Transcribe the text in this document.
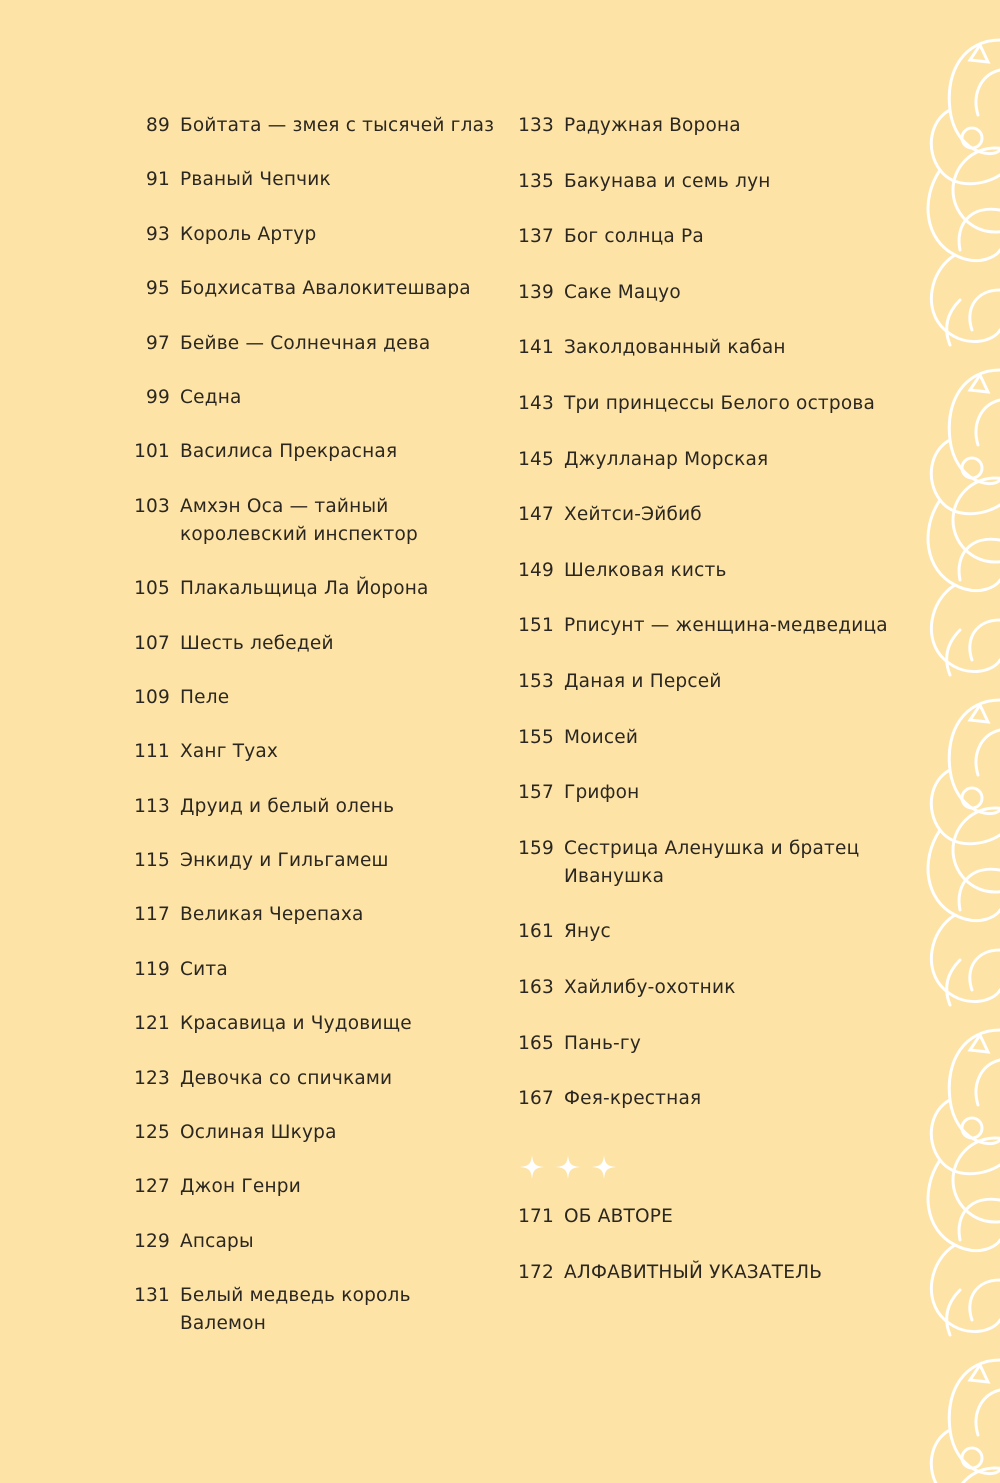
89 Бойтата — змея с тысячей глаз
91 Рваный Чепчик
93 Король Артур
95 Бодхисатва Авалокитешвара
97 Бейве — Солнечная дева
99 Седна
101 Василиса Прекрасная
103 Амхэн Оса — тайный королевский инспектор
105 Плакальщица Ла Йорона
107 Шесть лебедей
109 Пеле
111 Ханг Туах
113 Друид и белый олень
115 Энкиду и Гильгамеш
117 Великая Черепаха
119 Сита
121 Красавица и Чудовище
123 Девочка со спичками
125 Ослиная Шкура
127 Джон Генри
129 Апсары
131 Белый медведь король Валемон
133 Радужная Ворона
135 Бакунава и семь лун
137 Бог солнца Ра
139 Саке Мацуо
141 Заколдованный кабан
143 Три принцессы Белого острова
145 Джулланар Морская
147 Хейтси-Эйбиб
149 Шелковая кисть
151 Рписунт — женщина-медведица
153 Даная и Персей
155 Моисей
157 Грифон
159 Сестрица Аленушка и братец Иванушка
161 Янус
163 Хайлибу-охотник
165 Пань-гу
167 Фея-крестная
171 ОБ АВТОРЕ
172 АЛФАВИТНЫЙ УКАЗАТЕЛЬ
